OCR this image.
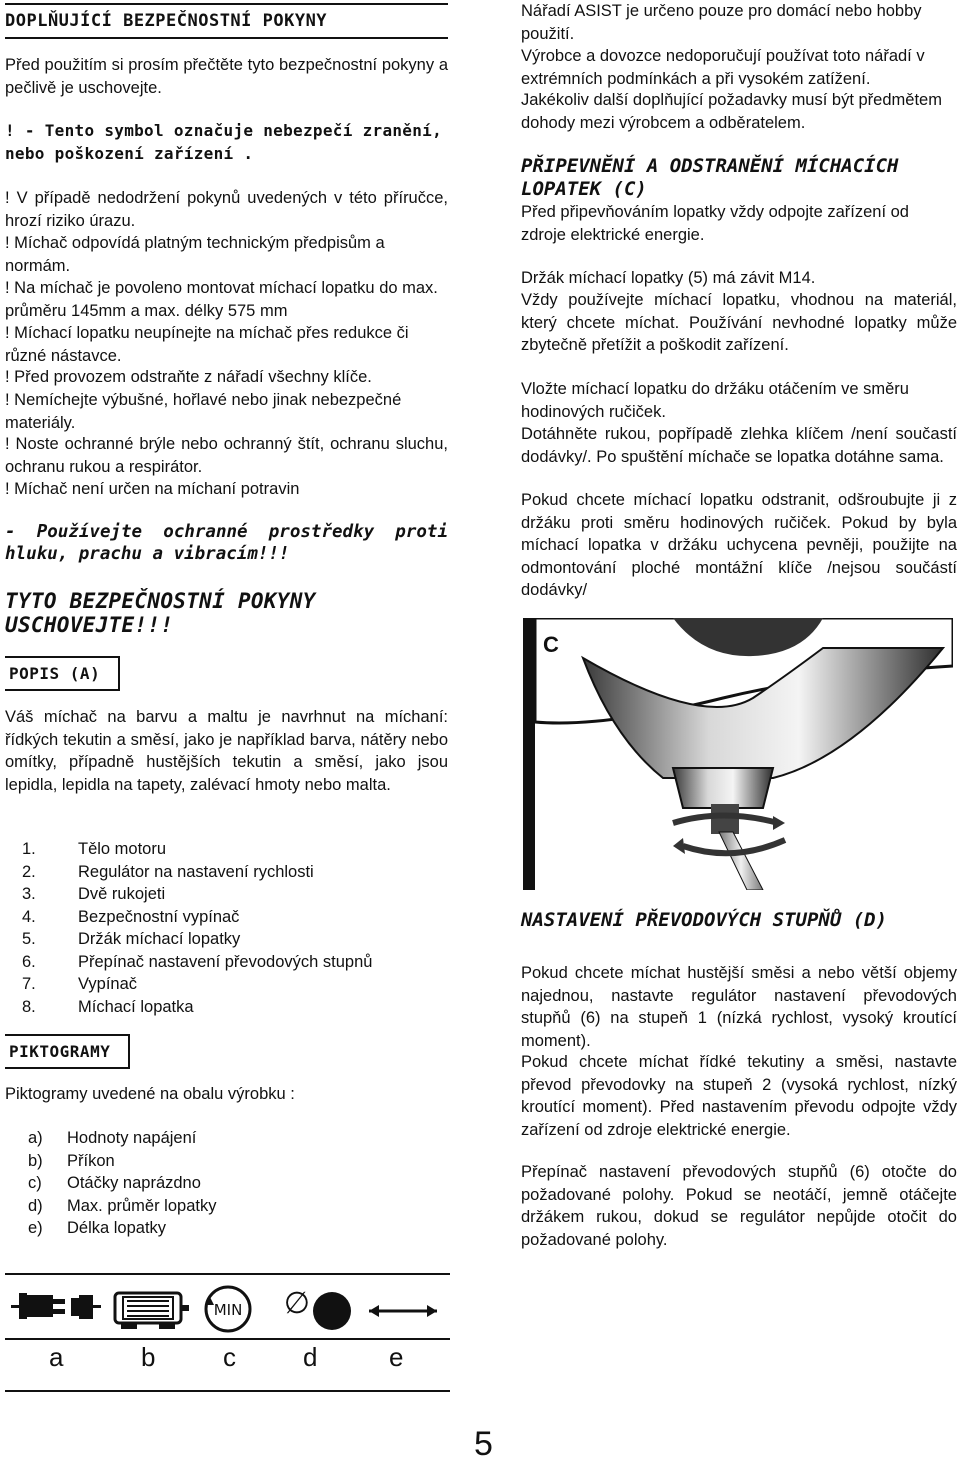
DOPLŇUJÍCÍ BEZPEČNOSTNÍ POKYNY

Před použitím si prosím přečtěte tyto bezpečnostní pokyny a pečlivě je uschovejte.

! - Tento symbol označuje nebezpečí zranění, nebo poškození zařízení .

! V případě nedodržení pokynů uvedených v této příručce, hrozí riziko úrazu.

! Míchač odpovídá platným technickým předpisům a normám.

! Na míchač je povoleno montovat míchací lopatku do max. průměru 145mm a max. délky 575 mm

! Míchací lopatku neupínejte na míchač přes redukce či různé nástavce.

! Před provozem odstraňte z nářadí všechny klíče.

! Nemíchejte výbušné, hořlavé nebo jinak nebezpečné materiály.

! Noste ochranné brýle nebo ochranný štít, ochranu sluchu, ochranu rukou a respirátor.

! Míchač není určen na míchaní potravin

- Používejte ochranné prostředky proti hluku, prachu a vibracím!!!

TYTO BEZPEČNOSTNÍ POKYNY USCHOVEJTE!!!

POPIS (A)

Váš míchač na barvu a maltu je navrhnut na míchaní: řídkých tekutin a směsí, jako je například barva, nátěry nebo omítky, případně hustějších tekutin a směsí, jako jsou lepidla, lepidla na tapety, zalévací hmoty nebo malta.

1.	Tělo motoru
2.	Regulátor na nastavení rychlosti
3.	Dvě rukojeti
4.	Bezpečnostní vypínač
5.	Držák míchací lopatky
6.	Přepínač nastavení převodových stupnů
7.	Vypínač
8.	Míchací lopatka
PIKTOGRAMY

Piktogramy uvedené na obalu výrobku :

a)	Hodnoty napájení
b)	Příkon
c)	Otáčky naprázdno
d)	Max. průměr lopatky
e)	Délka lopatky
MIN ∅
a	b	c	d	e

Nářadí ASIST je určeno pouze pro domácí nebo hobby použití.

Výrobce a dovozce nedoporučují používat toto nářadí v extrémních podmínkách a při vysokém zatížení.

Jakékoliv další doplňující požadavky musí být předmětem dohody mezi výrobcem a odběratelem.

PŘIPEVNĚNÍ A ODSTRANĚNÍ MÍCHACÍCH LOPATEK (C)

Před připevňováním lopatky vždy odpojte zařízení od zdroje elektrické energie.

Držák míchací lopatky (5) má závit M14.

Vždy používejte míchací lopatku, vhodnou na materiál, který chcete míchat. Používání nevhodné lopatky může zbytečně přetížit a poškodit zařízení.

Vložte míchací lopatku do držáku otáčením ve směru hodinových ručiček.

Dotáhněte rukou, popřípadě zlehka klíčem /není součastí dodávky/. Po spuštění míchače se lopatka dotáhne sama.

Pokud chcete míchací lopatku odstranit, odšroubujte ji z držáku proti směru hodinových ručiček. Pokud by byla míchací lopatka v držáku uchycena pevněji, použijte na odmontování ploché montážní klíče /nejsou součástí dodávky/

NASTAVENÍ PŘEVODOVÝCH STUPŇŮ (D)

Pokud chcete míchat hustější směsi a nebo větší objemy najednou, nastavte regulátor nastavení převodových stupňů (6) na stupeň 1 (nízká rychlost, vysoký kroutící moment).

Pokud chcete míchat řídké tekutiny a směsi, nastavte převod převodovky na stupeň 2 (vysoká rychlost, nízký kroutící moment). Před nastavením převodu odpojte vždy zařízení od zdroje elektrické energie.

Přepínač nastavení převodových stupňů (6) otočte do požadované polohy. Pokud se neotáčí, jemně otáčejte držákem rukou, dokud se regulátor nepůjde otočit do požadované polohy.

C
5
